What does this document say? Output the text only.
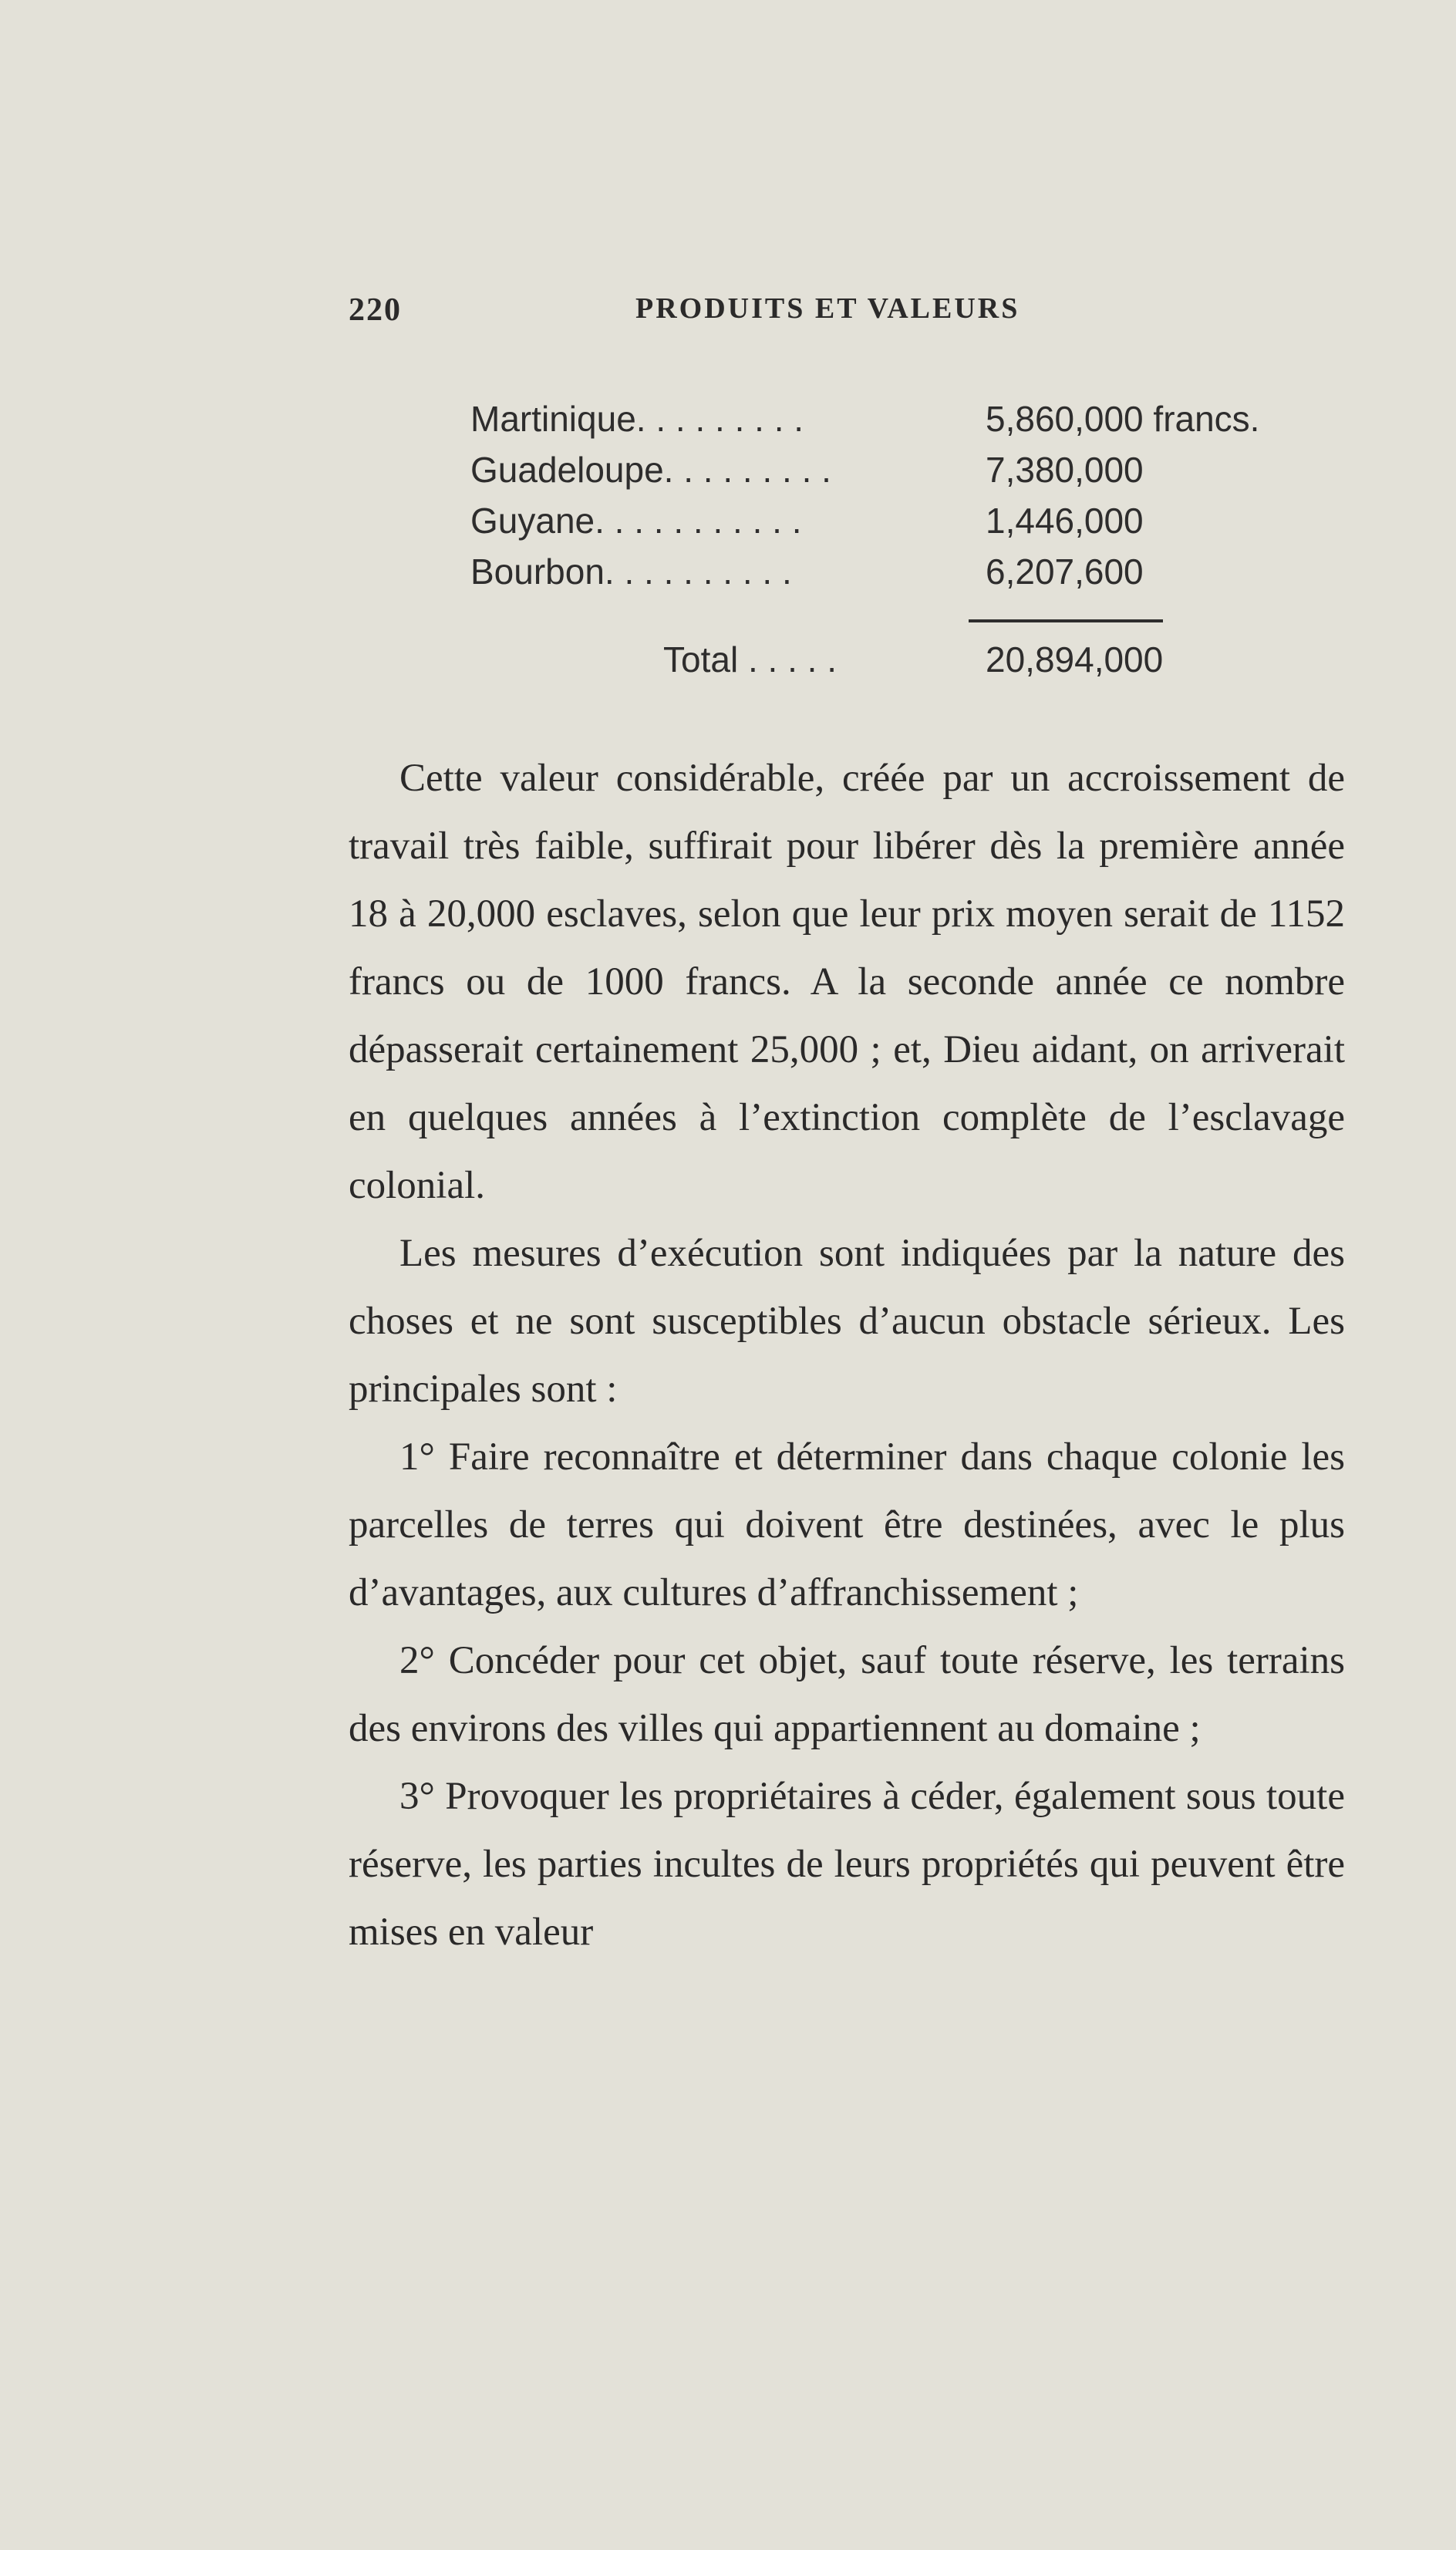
220	PRODUITS ET VALEURS
Martinique. . . . . . . . .	5,860,000 francs.
Guadeloupe. . . . . . . . .	7,380,000
Guyane. . . . . . . . . . .	1,446,000
Bourbon. . . . . . . . . .	6,207,600
Total . . . . .	20,894,000

Cette valeur considérable, créée par un accroissement de travail très faible, suffirait pour libérer dès la première année 18 à 20,000 esclaves, selon que leur prix moyen serait de 1152 francs ou de 1000 francs. A la seconde année ce nombre dépasserait certainement 25,000 ; et, Dieu aidant, on arriverait en quelques années à l’extinction complète de l’esclavage colonial.

Les mesures d’exécution sont indiquées par la nature des choses et ne sont susceptibles d’aucun obstacle sérieux. Les principales sont :

1° Faire reconnaître et déterminer dans chaque colonie les parcelles de terres qui doivent être destinées, avec le plus d’avantages, aux cultures d’affranchissement ;

2° Concéder pour cet objet, sauf toute réserve, les terrains des environs des villes qui appartiennent au domaine ;

3° Provoquer les propriétaires à céder, également sous toute réserve, les parties incultes de leurs propriétés qui peuvent être mises en valeur
